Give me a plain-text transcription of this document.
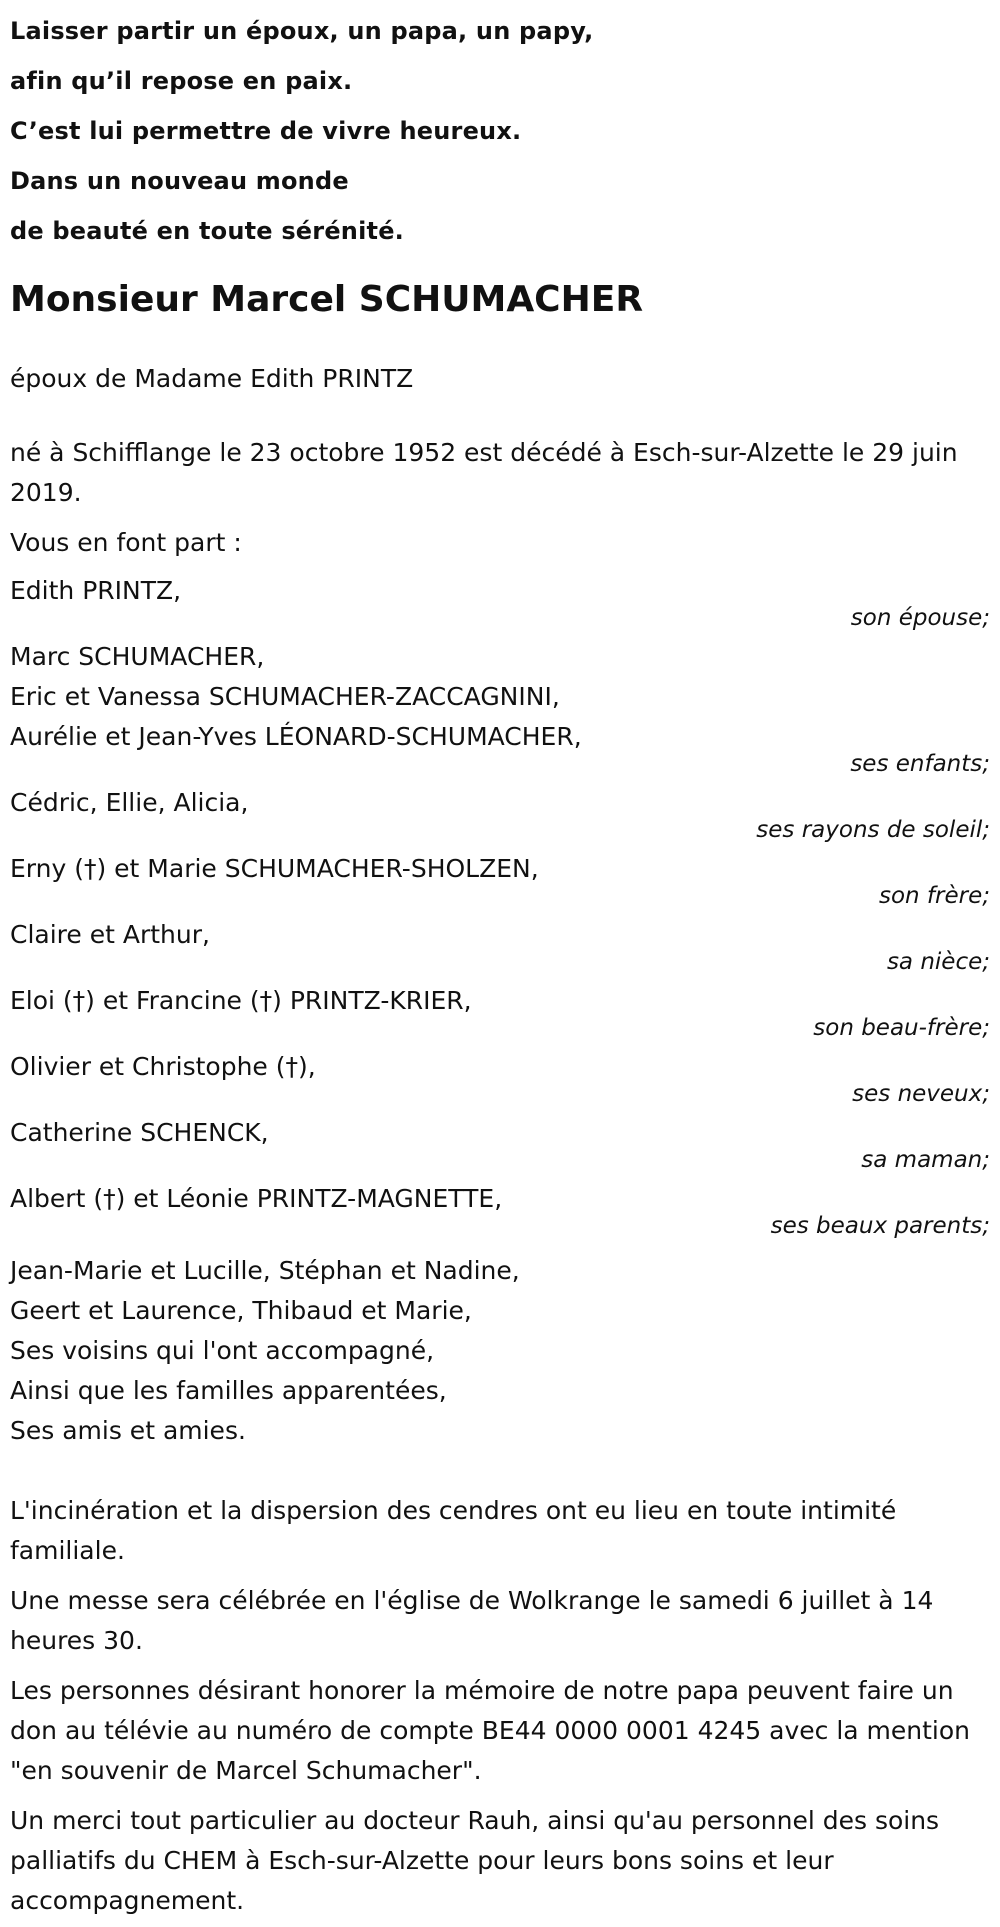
Laisser partir un époux, un papa, un papy,

afin qu’il repose en paix.

C’est lui permettre de vivre heureux.

Dans un nouveau monde

de beauté en toute sérénité.

Monsieur Marcel SCHUMACHER

époux de Madame Edith PRINTZ

né à Schifflange le 23 octobre 1952 est décédé à Esch-sur-Alzette le 29 juin 2019.

Vous en font part :

Edith PRINTZ,

son épouse;

Marc SCHUMACHER,

Eric et Vanessa SCHUMACHER-ZACCAGNINI,

Aurélie et Jean-Yves LÉONARD-SCHUMACHER,

ses enfants;

Cédric, Ellie, Alicia,

ses rayons de soleil;

Erny (†) et Marie SCHUMACHER-SHOLZEN,

son frère;

Claire et Arthur,

sa nièce;

Eloi (†) et Francine (†) PRINTZ-KRIER,

son beau-frère;

Olivier et Christophe (†),

ses neveux;

Catherine SCHENCK,

sa maman;

Albert (†) et Léonie PRINTZ-MAGNETTE,

ses beaux parents;

Jean-Marie et Lucille, Stéphan et Nadine,

Geert et Laurence, Thibaud et Marie,

Ses voisins qui l'ont accompagné,

Ainsi que les familles apparentées,

Ses amis et amies.

L'incinération et la dispersion des cendres ont eu lieu en toute intimité familiale.

Une messe sera célébrée en l'église de Wolkrange le samedi 6 juillet à 14 heures 30.

Les personnes désirant honorer la mémoire de notre papa peuvent faire un don au télévie au numéro de compte BE44 0000 0001 4245 avec la mention "en souvenir de Marcel Schumacher".

Un merci tout particulier au docteur Rauh, ainsi qu'au personnel des soins palliatifs du CHEM à Esch-sur-Alzette pour leurs bons soins et leur accompagnement.
